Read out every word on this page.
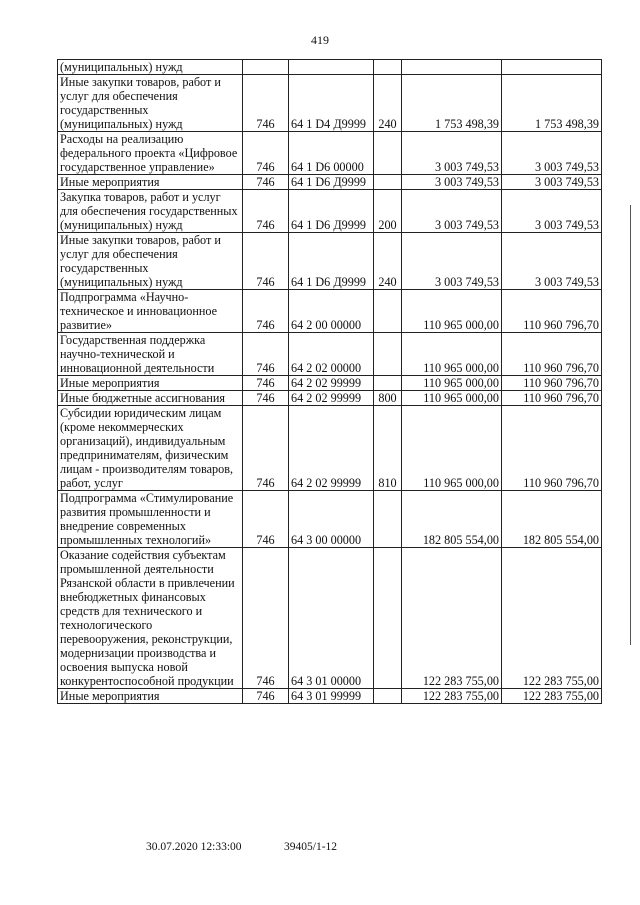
419
(муниципальных) нужд					
Иные закупки товаров, работ и услуг для обеспечения государственных (муниципальных) нужд	746	64 1 D4 Д9999	240	1 753 498,39	1 753 498,39
Расходы на реализацию федерального проекта «Цифровое государственное управление»	746	64 1 D6 00000		3 003 749,53	3 003 749,53
Иные мероприятия	746	64 1 D6 Д9999		3 003 749,53	3 003 749,53
Закупка товаров, работ и услуг для обеспечения государственных (муниципальных) нужд	746	64 1 D6 Д9999	200	3 003 749,53	3 003 749,53
Иные закупки товаров, работ и услуг для обеспечения государственных (муниципальных) нужд	746	64 1 D6 Д9999	240	3 003 749,53	3 003 749,53
Подпрограмма «Научно-техническое и инновационное развитие»	746	64 2 00 00000		110 965 000,00	110 960 796,70
Государственная поддержка научно-технической и инновационной деятельности	746	64 2 02 00000		110 965 000,00	110 960 796,70
Иные мероприятия	746	64 2 02 99999		110 965 000,00	110 960 796,70
Иные бюджетные ассигнования	746	64 2 02 99999	800	110 965 000,00	110 960 796,70
Субсидии юридическим лицам (кроме некоммерческих организаций), индивидуальным предпринимателям, физическим лицам - производителям товаров, работ, услуг	746	64 2 02 99999	810	110 965 000,00	110 960 796,70
Подпрограмма «Стимулирование развития промышленности и внедрение современных промышленных технологий»	746	64 3 00 00000		182 805 554,00	182 805 554,00
Оказание содействия субъектам промышленной деятельности Рязанской области в привлечении внебюджетных финансовых средств для технического и технологического перевооружения, реконструкции, модернизации производства и освоения выпуска новой конкурентоспособной продукции	746	64 3 01 00000		122 283 755,00	122 283 755,00
Иные мероприятия	746	64 3 01 99999		122 283 755,00	122 283 755,00
30.07.2020 12:33:00	39405/1-12
